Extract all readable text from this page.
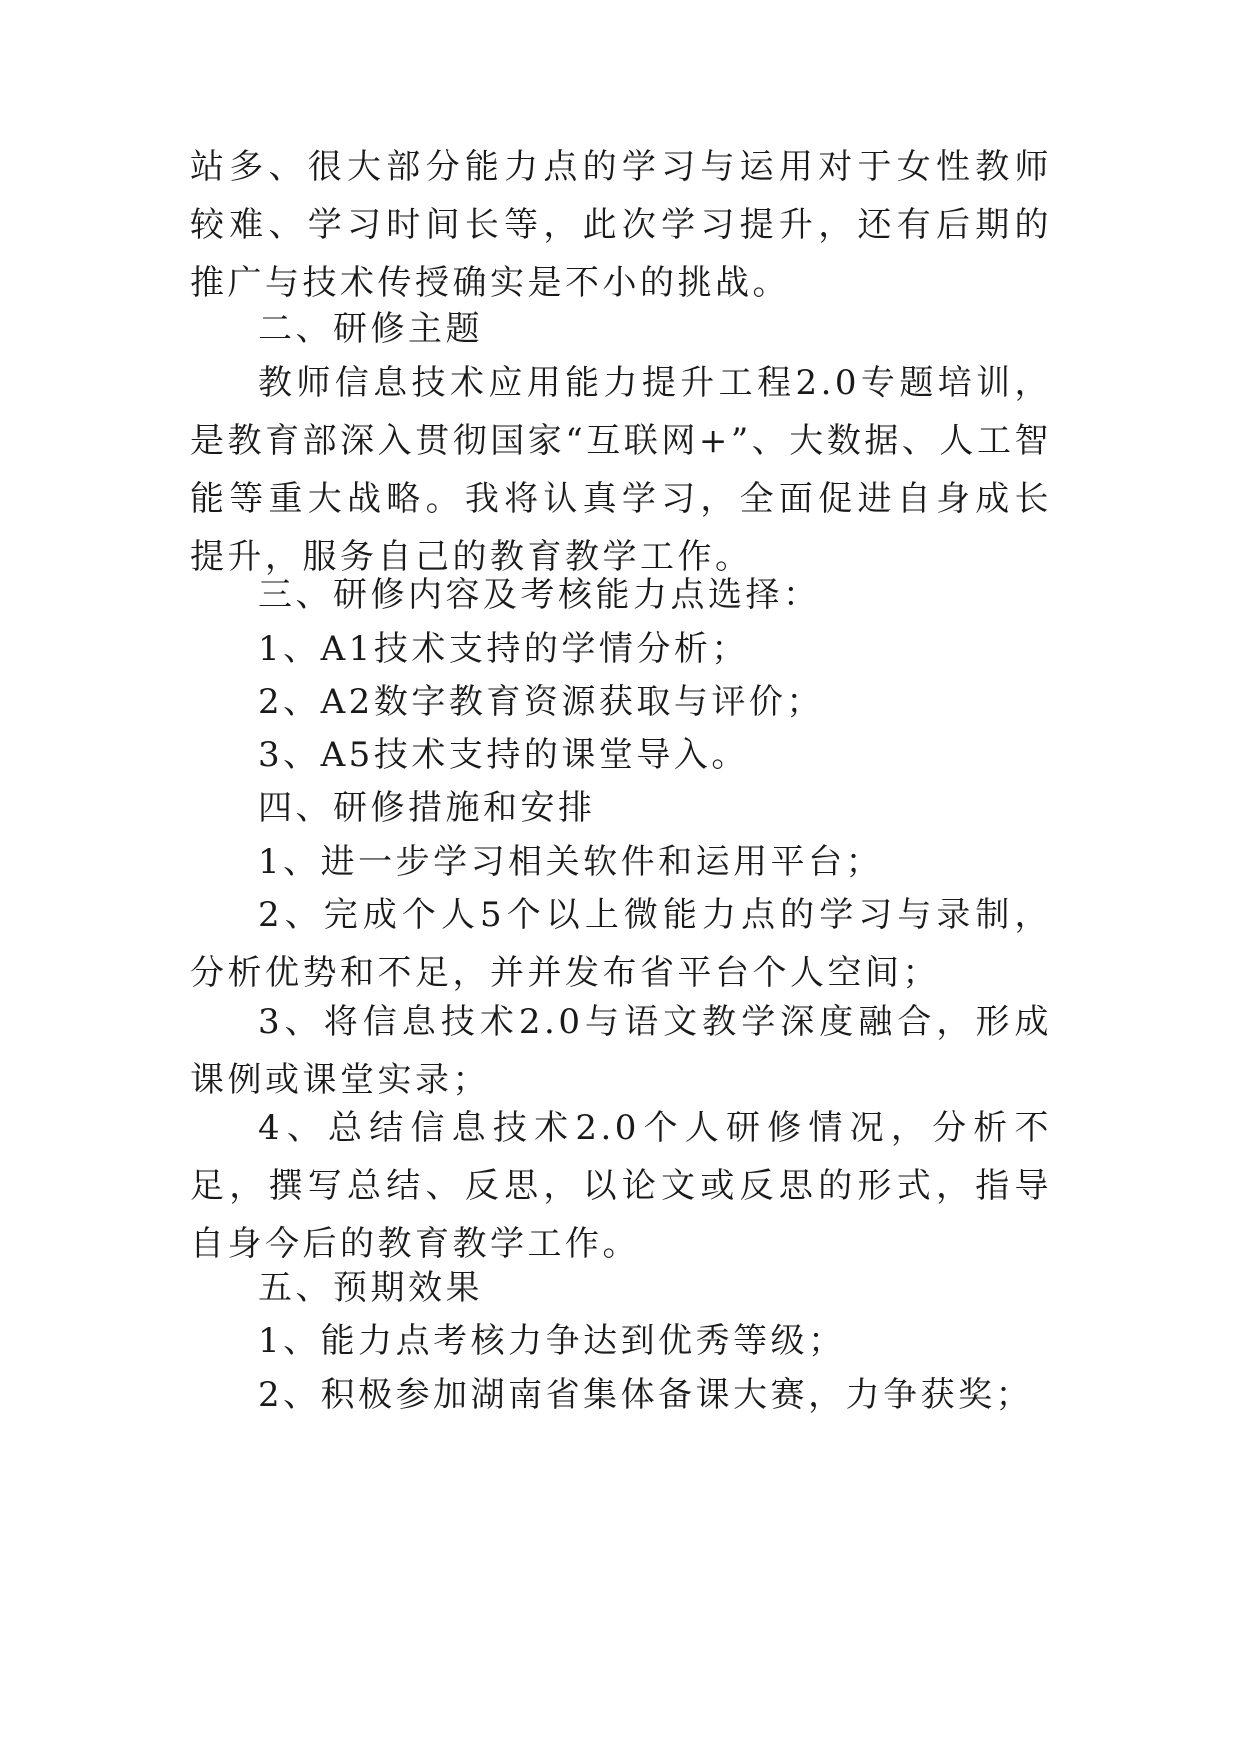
站多、很大部分能力点的学习与运用对于女性教师较难、学习时间长等，此次学习提升，还有后期的推广与技术传授确实是不小的挑战。

二、研修主题

教师信息技术应用能力提升工程2.0专题培训，是教育部深入贯彻国家“互联网+”、大数据、人工智能等重大战略。我将认真学习，全面促进自身成长提升，服务自己的教育教学工作。

三、研修内容及考核能力点选择：

1、A1技术支持的学情分析；

2、A2数字教育资源获取与评价；

3、A5技术支持的课堂导入。

四、研修措施和安排

1、进一步学习相关软件和运用平台；

2、完成个人5个以上微能力点的学习与录制，分析优势和不足，并并发布省平台个人空间；

3、将信息技术2.0与语文教学深度融合，形成课例或课堂实录；

4、总结信息技术2.0个人研修情况，分析不足，撰写总结、反思，以论文或反思的形式，指导自身今后的教育教学工作。

五、预期效果

1、能力点考核力争达到优秀等级；

2、积极参加湖南省集体备课大赛，力争获奖；
